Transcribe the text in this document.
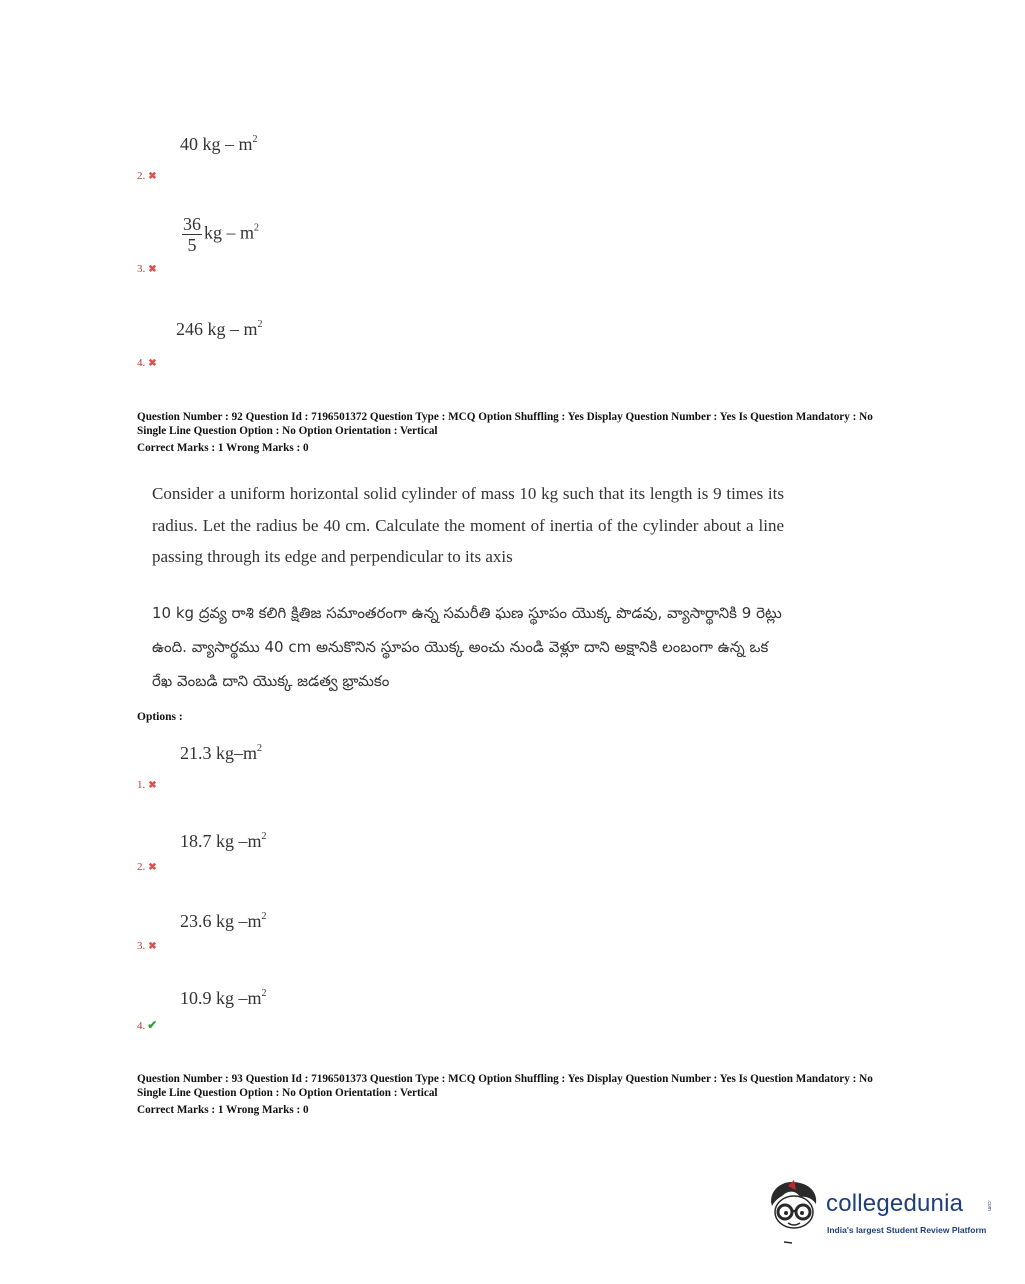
40 kg – $m^2$
2. ✖
$\frac{36}{5}$ kg – $m^2$
3. ✖
246 kg – $m^2$
4. ✖
Question Number : 92 Question Id : 7196501372 Question Type : MCQ Option Shuffling : Yes Display Question Number : Yes Is Question Mandatory : No Single Line Question Option : No Option Orientation : Vertical
Correct Marks : 1 Wrong Marks : 0
Consider a uniform horizontal solid cylinder of mass 10 kg such that its length is 9 times its radius. Let the radius be 40 cm. Calculate the moment of inertia of the cylinder about a line passing through its edge and perpendicular to its axis
10 kg ద్రవ్య రాశి కలిగి క్షితిజ సమాంతరంగా ఉన్న సమరీతి ఘణ స్థూపం యొక్క పొడవు, వ్యాసార్థానికి 9 రెట్లు ఉంది. వ్యాసార్థము 40 cm అనుకొనిన స్థూపం యొక్క అంచు నుండి వెళ్లూ దాని అక్షానికి లంబంగా ఉన్న ఒక రేఖ వెంబడి దాని యొక్క జడత్వ భ్రామకం
Options :
21.3 $kg-m^2$
1. ✖
18.7 kg $-m^2$
2. ✖
23.6 kg $-m^2$
3. ✖
10.9 kg $-m^2$
4. ✔
Question Number : 93 Question Id : 7196501373 Question Type : MCQ Option Shuffling : Yes Display Question Number : Yes Is Question Mandatory : No Single Line Question Option : No Option Orientation : Vertical
Correct Marks : 1 Wrong Marks : 0
collegedunia	.com
India's largest Student Review Platform
